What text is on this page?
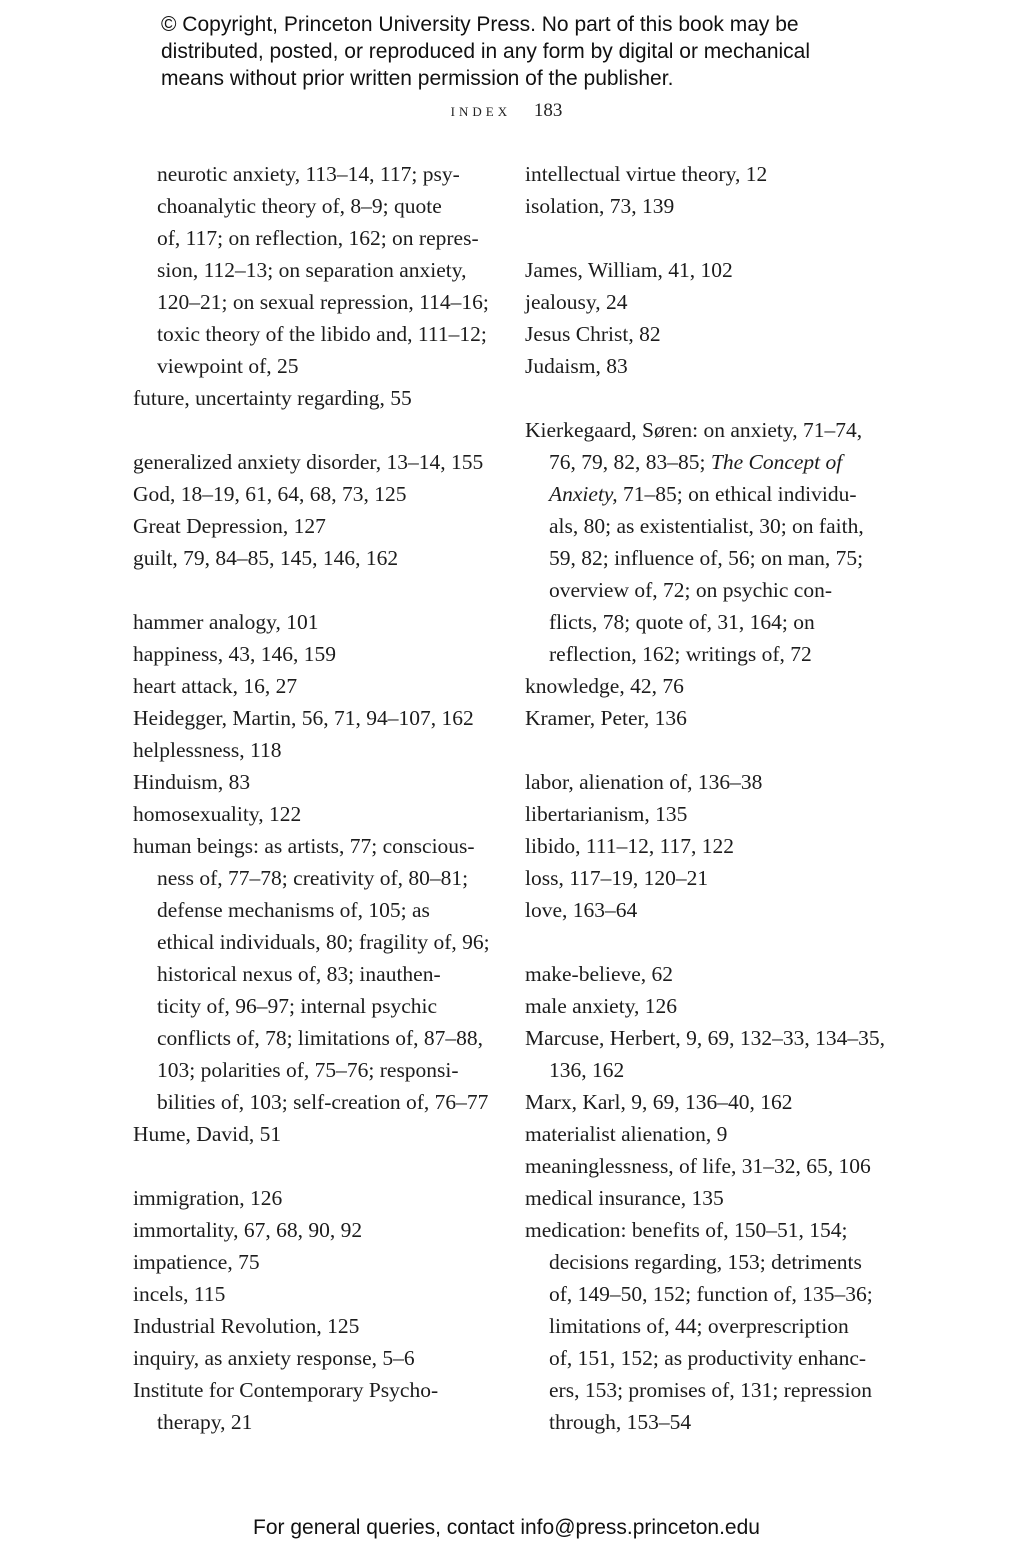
© Copyright, Princeton University Press. No part of this book may be
distributed, posted, or reproduced in any form by digital or mechanical
means without prior written permission of the publisher.
index 183
neurotic anxiety, 113–14, 117; psy-
choanalytic theory of, 8–9; quote
of, 117; on reflection, 162; on repres-
sion, 112–13; on separation anxiety,
120–21; on sexual repression, 114–16;
toxic theory of the libido and, 111–12;
viewpoint of, 25
future, uncertainty regarding, 55
generalized anxiety disorder, 13–14, 155
God, 18–19, 61, 64, 68, 73, 125
Great Depression, 127
guilt, 79, 84–85, 145, 146, 162
hammer analogy, 101
happiness, 43, 146, 159
heart attack, 16, 27
Heidegger, Martin, 56, 71, 94–107, 162
helplessness, 118
Hinduism, 83
homosexuality, 122
human beings: as artists, 77; conscious-
ness of, 77–78; creativity of, 80–81;
defense mechanisms of, 105; as
ethical individuals, 80; fragility of, 96;
historical nexus of, 83; inauthen-
ticity of, 96–97; internal psychic
conflicts of, 78; limitations of, 87–88,
103; polarities of, 75–76; responsi-
bilities of, 103; self-creation of, 76–77
Hume, David, 51
immigration, 126
immortality, 67, 68, 90, 92
impatience, 75
incels, 115
Industrial Revolution, 125
inquiry, as anxiety response, 5–6
Institute for Contemporary Psycho-
therapy, 21
intellectual virtue theory, 12
isolation, 73, 139
James, William, 41, 102
jealousy, 24
Jesus Christ, 82
Judaism, 83
Kierkegaard, Søren: on anxiety, 71–74,
76, 79, 82, 83–85; The Concept of
Anxiety, 71–85; on ethical individu-
als, 80; as existentialist, 30; on faith,
59, 82; influence of, 56; on man, 75;
overview of, 72; on psychic con-
flicts, 78; quote of, 31, 164; on
reflection, 162; writings of, 72
knowledge, 42, 76
Kramer, Peter, 136
labor, alienation of, 136–38
libertarianism, 135
libido, 111–12, 117, 122
loss, 117–19, 120–21
love, 163–64
make-believe, 62
male anxiety, 126
Marcuse, Herbert, 9, 69, 132–33, 134–35,
136, 162
Marx, Karl, 9, 69, 136–40, 162
materialist alienation, 9
meaninglessness, of life, 31–32, 65, 106
medical insurance, 135
medication: benefits of, 150–51, 154;
decisions regarding, 153; detriments
of, 149–50, 152; function of, 135–36;
limitations of, 44; overprescription
of, 151, 152; as productivity enhanc-
ers, 153; promises of, 131; repression
through, 153–54
For general queries, contact info@press.princeton.edu
